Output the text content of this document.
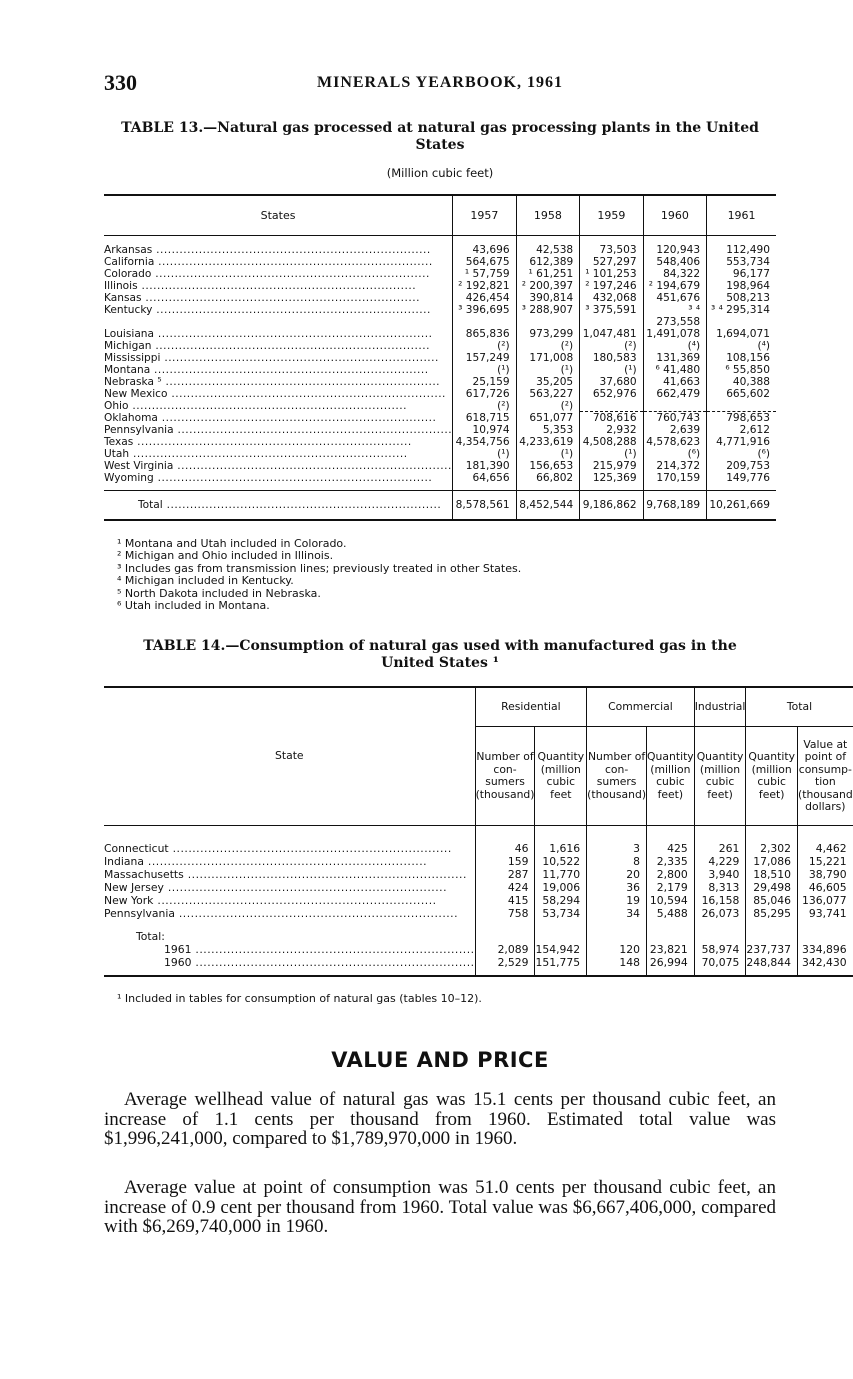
330	MINERALS YEARBOOK, 1961
TABLE 13.—Natural gas processed at natural gas processing plants in the United
States
(Million cubic feet)
States	1957	1958	1959	1960	1961
Arkansas .....	43,696	42,538	73,503	120,943	112,490
California .....	564,675	612,389	527,297	548,406	553,734
Colorado .....	¹ 57,759	¹ 61,251	¹ 101,253	84,322	96,177
Illinois .....	² 192,821	² 200,397	² 197,246	² 194,679	198,964
Kansas .....	426,454	390,814	432,068	451,676	508,213
Kentucky .....	³ 396,695	³ 288,907	³ 375,591	³ ⁴ 273,558	³ ⁴ 295,314
Louisiana .....	865,836	973,299	1,047,481	1,491,078	1,694,071
Michigan .....	(²)	(²)	(²)	(⁴)	(⁴)
Mississippi .....	157,249	171,008	180,583	131,369	108,156
Montana .....	(¹)	(¹)	(¹)	⁶ 41,480	⁶ 55,850
Nebraska ⁵ .....	25,159	35,205	37,680	41,663	40,388
New Mexico .....	617,726	563,227	652,976	662,479	665,602
Ohio .....	(²)	(²)			
Oklahoma .....	618,715	651,077	708,616	760,743	798,653
Pennsylvania .....	10,974	5,353	2,932	2,639	2,612
Texas .....	4,354,756	4,233,619	4,508,288	4,578,623	4,771,916
Utah .....	(¹)	(¹)	(¹)	(⁶)	(⁶)
West Virginia .....	181,390	156,653	215,979	214,372	209,753
Wyoming .....	64,656	66,802	125,369	170,159	149,776
Total .....	8,578,561	8,452,544	9,186,862	9,768,189	10,261,669
¹ Montana and Utah included in Colorado.
² Michigan and Ohio included in Illinois.
³ Includes gas from transmission lines; previously treated in other States.
⁴ Michigan included in Kentucky.
⁵ North Dakota included in Nebraska.
⁶ Utah included in Montana.
TABLE 14.—Consumption of natural gas used with manufactured gas in the
United States ¹
State	Residential		Commercial		Industrial	Total	
	Number of con- sumers (thousand)	Quantity (million cubic feet	Number of con- sumers (thousand)	Quantity (million cubic feet)	Quantity (million cubic feet)	Quantity (million cubic feet)	Value at point of consump- tion (thousand dollars)
Connecticut .....	46	1,616	3	425	261	2,302	4,462
Indiana .....	159	10,522	8	2,335	4,229	17,086	15,221
Massachusetts .....	287	11,770	20	2,800	3,940	18,510	38,790
New Jersey .....	424	19,006	36	2,179	8,313	29,498	46,605
New York .....	415	58,294	19	10,594	16,158	85,046	136,077
Pennsylvania .....	758	53,734	34	5,488	26,073	85,295	93,741
Total:							
1961 .....	2,089	154,942	120	23,821	58,974	237,737	334,896
1960 .....	2,529	151,775	148	26,994	70,075	248,844	342,430
¹ Included in tables for consumption of natural gas (tables 10–12).
VALUE AND PRICE

Average wellhead value of natural gas was 15.1 cents per thousand cubic feet, an increase of 1.1 cents per thousand from 1960. Estimated total value was $1,996,241,000, compared to $1,789,970,000 in 1960.

Average value at point of consumption was 51.0 cents per thousand cubic feet, an increase of 0.9 cent per thousand from 1960. Total value was $6,667,406,000, compared with $6,269,740,000 in 1960.
